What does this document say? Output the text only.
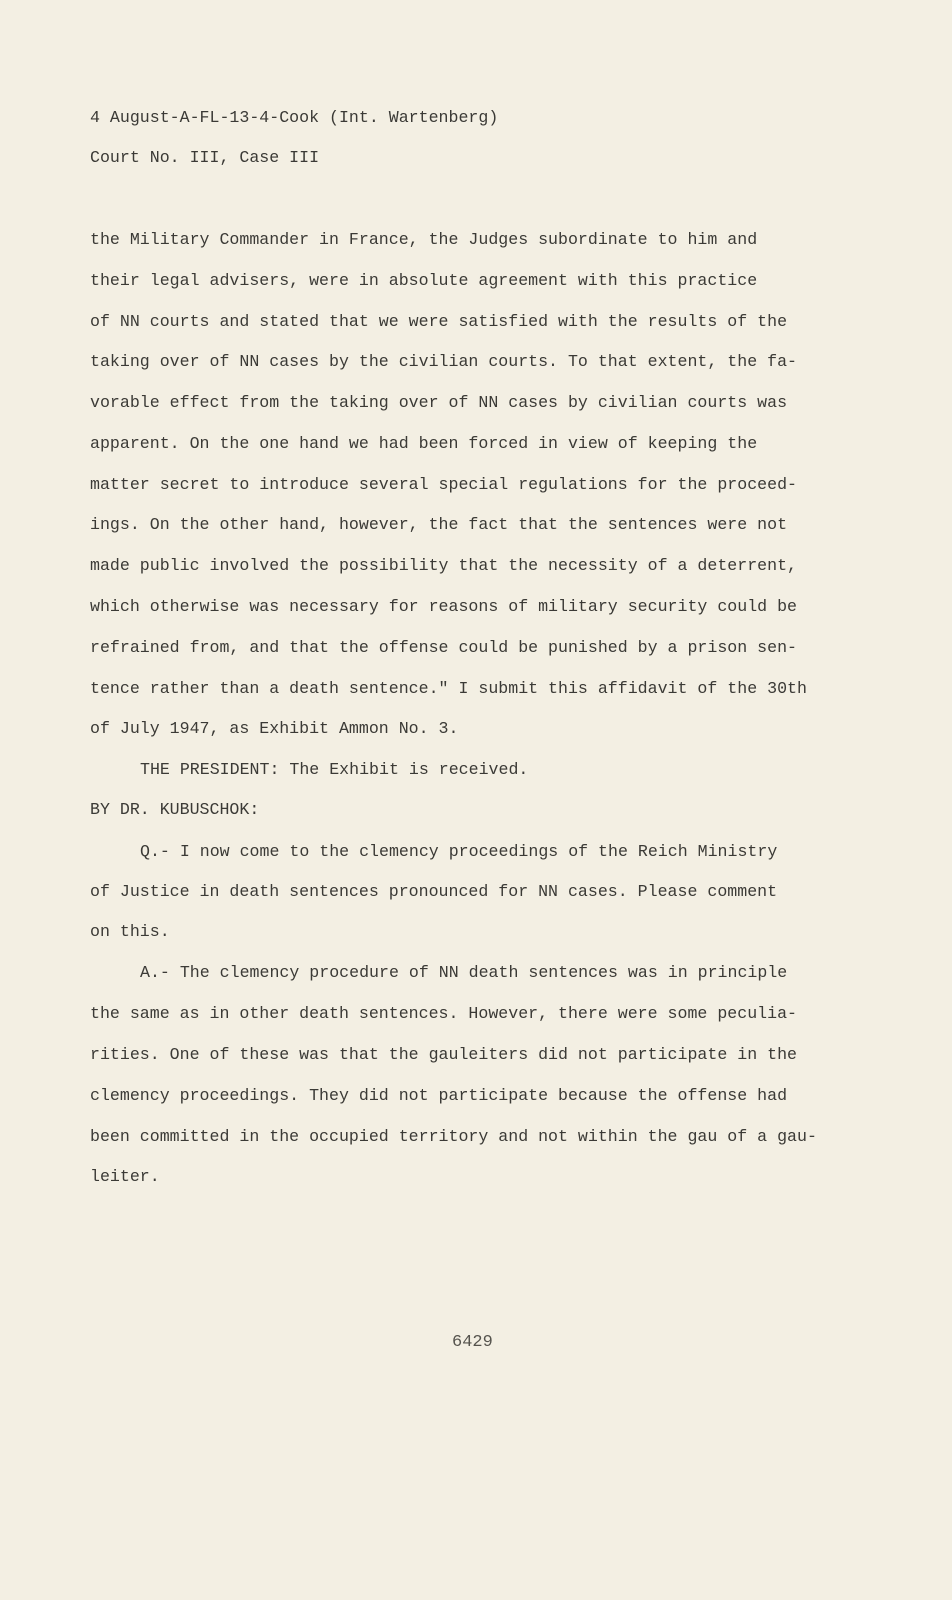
4 August-A-FL-13-4-Cook (Int. Wartenberg)
Court No. III, Case III
the Military Commander in France, the Judges subordinate to him and
their legal advisers, were in absolute agreement with this practice
of NN courts and stated that we were satisfied with the results of the
taking over of NN cases by the civilian courts. To that extent, the fa-
vorable effect from the taking over of NN cases by civilian courts was
apparent. On the one hand we had been forced in view of keeping the
matter secret to introduce several special regulations for the proceed-
ings. On the other hand, however, the fact that the sentences were not
made public involved the possibility that the necessity of a deterrent,
which otherwise was necessary for reasons of military security could be
refrained from, and that the offense could be punished by a prison sen-
tence rather than a death sentence." I submit this affidavit of the 30th
of July 1947, as Exhibit Ammon No. 3.
THE PRESIDENT: The Exhibit is received.
BY DR. KUBUSCHOK:
Q.- I now come to the clemency proceedings of the Reich Ministry
of Justice in death sentences pronounced for NN cases. Please comment
on this.
A.- The clemency procedure of NN death sentences was in principle
the same as in other death sentences. However, there were some peculia-
rities. One of these was that the gauleiters did not participate in the
clemency proceedings. They did not participate because the offense had
been committed in the occupied territory and not within the gau of a gau-
leiter.
6429
